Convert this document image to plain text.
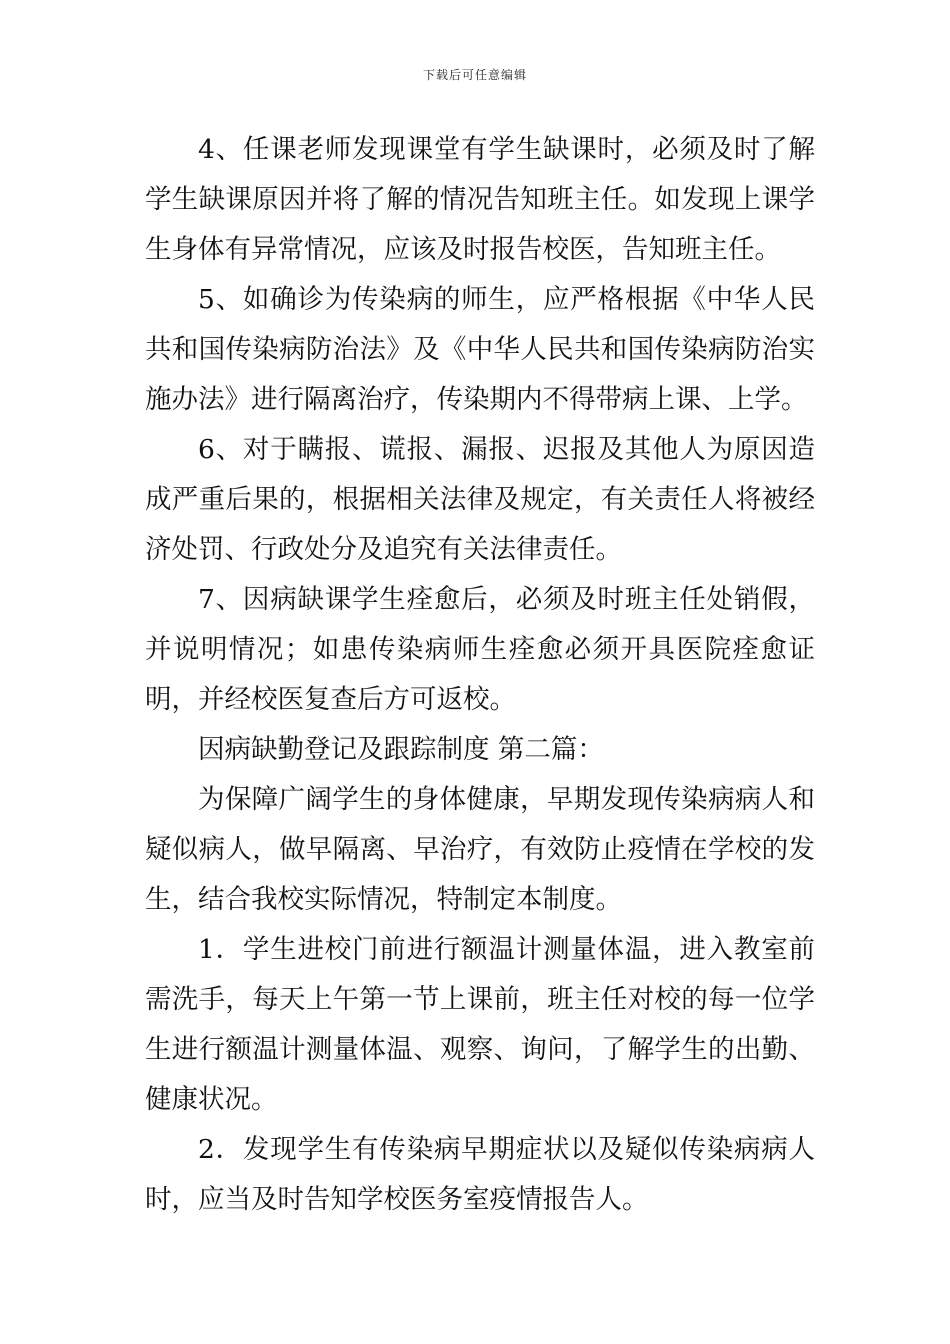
下载后可任意编辑

4、任课老师发现课堂有学生缺课时，必须及时了解学生缺课原因并将了解的情况告知班主任。如发现上课学生身体有异常情况，应该及时报告校医，告知班主任。

5、如确诊为传染病的师生，应严格根据《中华人民共和国传染病防治法》及《中华人民共和国传染病防治实施办法》进行隔离治疗，传染期内不得带病上课、上学。

6、对于瞒报、谎报、漏报、迟报及其他人为原因造成严重后果的，根据相关法律及规定，有关责任人将被经济处罚、行政处分及追究有关法律责任。

7、因病缺课学生痊愈后，必须及时班主任处销假，并说明情况；如患传染病师生痊愈必须开具医院痊愈证明，并经校医复查后方可返校。

因病缺勤登记及跟踪制度 第二篇：

为保障广阔学生的身体健康，早期发现传染病病人和疑似病人，做早隔离、早治疗，有效防止疫情在学校的发生，结合我校实际情况，特制定本制度。

1．学生进校门前进行额温计测量体温，进入教室前需洗手，每天上午第一节上课前，班主任对校的每一位学生进行额温计测量体温、观察、询问，了解学生的出勤、健康状况。

2．发现学生有传染病早期症状以及疑似传染病病人时，应当及时告知学校医务室疫情报告人。
